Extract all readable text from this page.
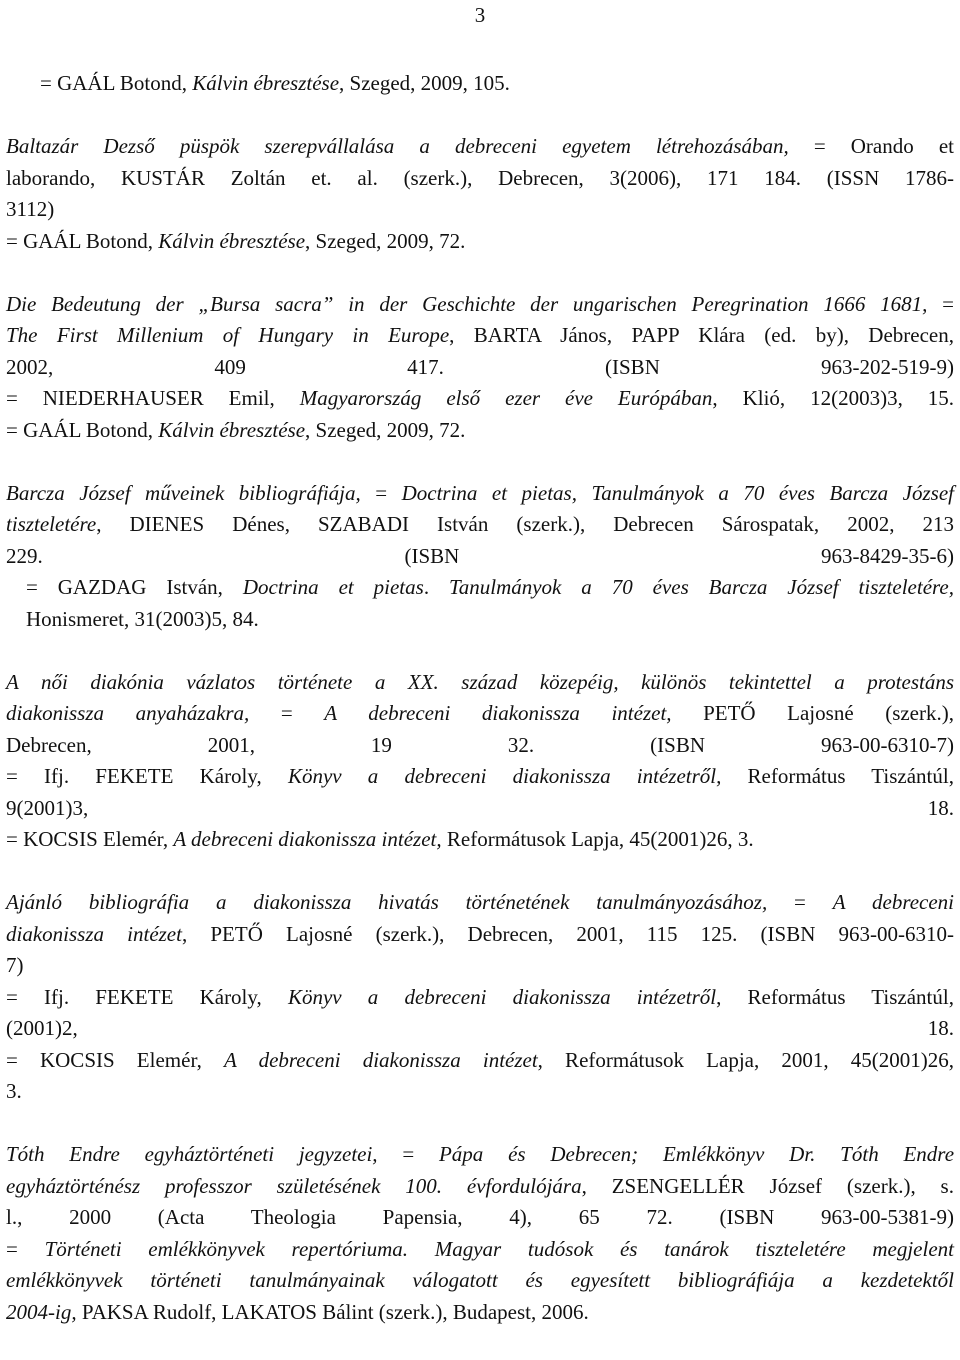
3
= GAÁL Botond, Kálvin ébresztése, Szeged, 2009, 105.
Baltazár Dezső püspök szerepvállalása a debreceni egyetem létrehozásában, = Orando et
laborando, KUSTÁR Zoltán et. al. (szerk.), Debrecen, 3(2006), 171 184. (ISSN 1786-
3112)
= GAÁL Botond, Kálvin ébresztése, Szeged, 2009, 72.
Die Bedeutung der „Bursa sacra” in der Geschichte der ungarischen Peregrination 1666 1681, =
The First Millenium of Hungary in Europe, BARTA János, PAPP Klára (ed. by), Debrecen,
2002, 409 417. (ISBN 963-202-519-9)
= NIEDERHAUSER Emil, Magyarország első ezer éve Európában, Klió, 12(2003)3, 15.
= GAÁL Botond, Kálvin ébresztése, Szeged, 2009, 72.
Barcza József műveinek bibliográfiája, = Doctrina et pietas, Tanulmányok a 70 éves Barcza József
tiszteletére, DIENES Dénes, SZABADI István (szerk.), Debrecen Sárospatak, 2002, 213
229. (ISBN 963-8429-35-6)
= GAZDAG István, Doctrina et pietas. Tanulmányok a 70 éves Barcza József tiszteletére,
Honismeret, 31(2003)5, 84.
A női diakónia vázlatos története a XX. század közepéig, különös tekintettel a protestáns
diakonissza anyaházakra, = A debreceni diakonissza intézet, PETŐ Lajosné (szerk.),
Debrecen, 2001, 19 32. (ISBN 963-00-6310-7)
= Ifj. FEKETE Károly, Könyv a debreceni diakonissza intézetről, Református Tiszántúl,
9(2001)3, 18.
= KOCSIS Elemér, A debreceni diakonissza intézet, Reformátusok Lapja, 45(2001)26, 3.
Ajánló bibliográfia a diakonissza hivatás történetének tanulmányozásához, = A debreceni
diakonissza intézet, PETŐ Lajosné (szerk.), Debrecen, 2001, 115 125. (ISBN 963-00-6310-
7)
= Ifj. FEKETE Károly, Könyv a debreceni diakonissza intézetről, Református Tiszántúl,
(2001)2, 18.
= KOCSIS Elemér, A debreceni diakonissza intézet, Reformátusok Lapja, 2001, 45(2001)26,
3.
Tóth Endre egyháztörténeti jegyzetei, = Pápa és Debrecen; Emlékkönyv Dr. Tóth Endre
egyháztörténész professzor születésének 100. évfordulójára, ZSENGELLÉR József (szerk.), s.
l., 2000 (Acta Theologia Papensia, 4), 65 72. (ISBN 963-00-5381-9)
= Történeti emlékkönyvek repertóriuma. Magyar tudósok és tanárok tiszteletére megjelent
emlékkönyvek történeti tanulmányainak válogatott és egyesített bibliográfiája a kezdetektől
2004-ig, PAKSA Rudolf, LAKATOS Bálint (szerk.), Budapest, 2006.
